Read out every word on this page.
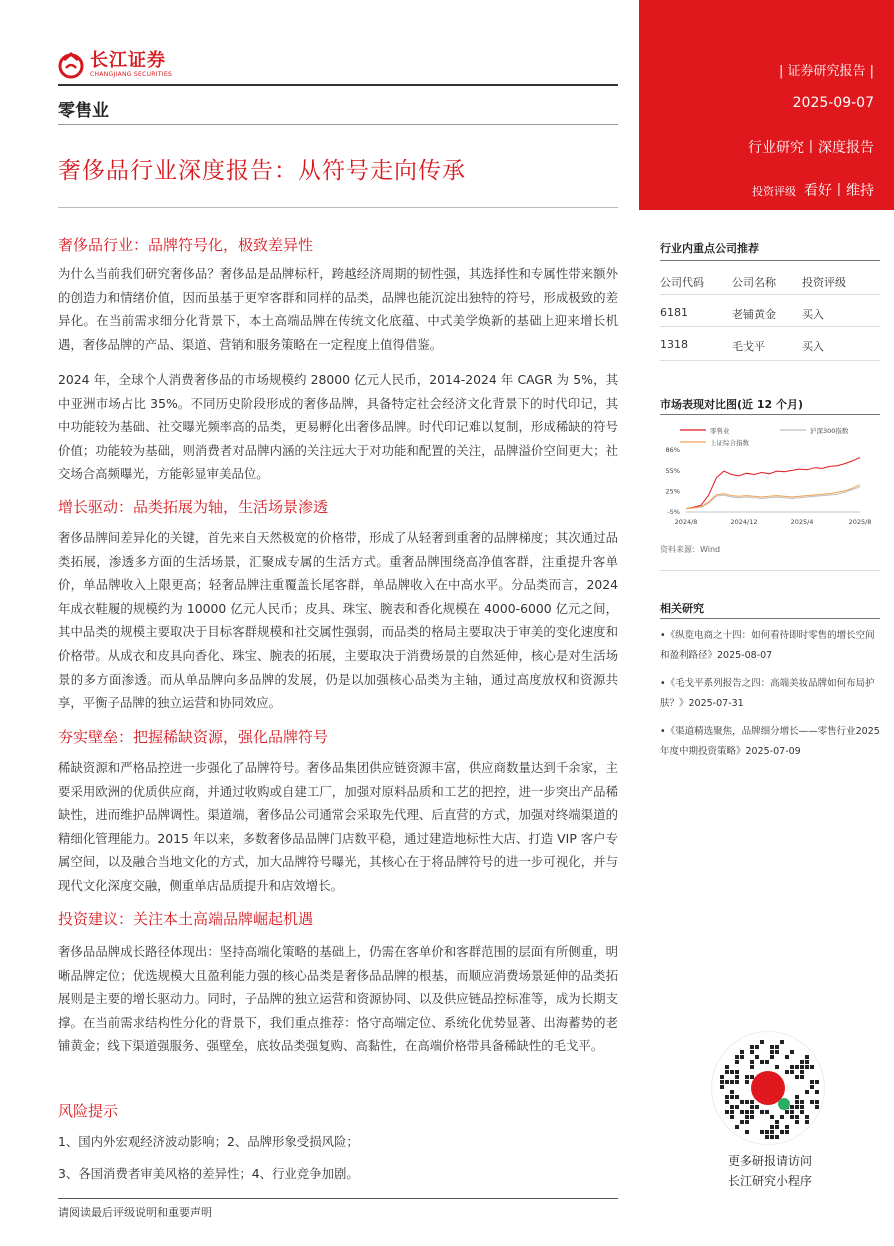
长江证券
CHANGJIANG SECURITIES
零售业
奢侈品行业深度报告：从符号走向传承
| 证券研究报告 |
2025-09-07
行业研究丨深度报告
投资评级 看好丨维持
奢侈品行业：品牌符号化，极致差异性
为什么当前我们研究奢侈品？奢侈品是品牌标杆，跨越经济周期的韧性强，其选择性和专属性带来额外的创造力和情绪价值，因而虽基于更窄客群和同样的品类，品牌也能沉淀出独特的符号，形成极致的差异化。在当前需求细分化背景下，本土高端品牌在传统文化底蕴、中式美学焕新的基础上迎来增长机遇，奢侈品牌的产品、渠道、营销和服务策略在一定程度上值得借鉴。
2024 年，全球个人消费奢侈品的市场规模约 28000 亿元人民币，2014-2024 年 CAGR 为 5%，其中亚洲市场占比 35%。不同历史阶段形成的奢侈品牌，具备特定社会经济文化背景下的时代印记，其中功能较为基础、社交曝光频率高的品类，更易孵化出奢侈品牌。时代印记难以复制，形成稀缺的符号价值；功能较为基础，则消费者对品牌内涵的关注远大于对功能和配置的关注，品牌溢价空间更大；社交场合高频曝光，方能彰显审美品位。
增长驱动：品类拓展为轴，生活场景渗透
奢侈品牌间差异化的关键，首先来自天然极宽的价格带，形成了从轻奢到重奢的品牌梯度；其次通过品类拓展，渗透多方面的生活场景，汇聚成专属的生活方式。重奢品牌围绕高净值客群，注重提升客单价，单品牌收入上限更高；轻奢品牌注重覆盖长尾客群，单品牌收入在中高水平。分品类而言，2024 年成衣鞋履的规模约为 10000 亿元人民币；皮具、珠宝、腕表和香化规模在 4000-6000 亿元之间，其中品类的规模主要取决于目标客群规模和社交属性强弱，而品类的格局主要取决于审美的变化速度和价格带。从成衣和皮具向香化、珠宝、腕表的拓展，主要取决于消费场景的自然延伸，核心是对生活场景的多方面渗透。而从单品牌向多品牌的发展，仍是以加强核心品类为主轴，通过高度放权和资源共享，平衡子品牌的独立运营和协同效应。
夯实壁垒：把握稀缺资源，强化品牌符号
稀缺资源和严格品控进一步强化了品牌符号。奢侈品集团供应链资源丰富，供应商数量达到千余家，主要采用欧洲的优质供应商，并通过收购或自建工厂，加强对原料品质和工艺的把控，进一步突出产品稀缺性，进而维护品牌调性。渠道端，奢侈品公司通常会采取先代理、后直营的方式，加强对终端渠道的精细化管理能力。2015 年以来，多数奢侈品品牌门店数平稳，通过建造地标性大店、打造 VIP 客户专属空间，以及融合当地文化的方式，加大品牌符号曝光，其核心在于将品牌符号的进一步可视化，并与现代文化深度交融，侧重单店品质提升和店效增长。
投资建议：关注本土高端品牌崛起机遇
奢侈品品牌成长路径体现出：坚持高端化策略的基础上，仍需在客单价和客群范围的层面有所侧重，明晰品牌定位；优选规模大且盈利能力强的核心品类是奢侈品品牌的根基，而顺应消费场景延伸的品类拓展则是主要的增长驱动力。同时，子品牌的独立运营和资源协同、以及供应链品控标准等，成为长期支撑。在当前需求结构性分化的背景下，我们重点推荐：恪守高端定位、系统化优势显著、出海蓄势的老铺黄金；线下渠道强服务、强壁垒，底妆品类强复购、高黏性，在高端价格带具备稀缺性的毛戈平。
风险提示
1、国内外宏观经济波动影响；2、品牌形象受损风险；
3、各国消费者审美风格的差异性；4、行业竞争加剧。
请阅读最后评级说明和重要声明
行业内重点公司推荐
公司代码	公司名称 投资评级
6181	老铺黄金 买入
1318	毛戈平	买入
市场表现对比图(近 12 个月)
零售业	沪深300指数
上证综合指数
86%
55%
25%
-5%
2024/8	2024/12	2025/4	2025/8
资料来源：Wind
相关研究
•《纵览电商之十四：如何看待即时零售的增长空间和盈利路径》2025-08-07
•《毛戈平系列报告之四：高端美妆品牌如何布局护肤？》2025-07-31
•《渠道精选聚焦，品牌细分增长——零售行业2025 年度中期投资策略》2025-07-09
更多研报请访问
长江研究小程序
